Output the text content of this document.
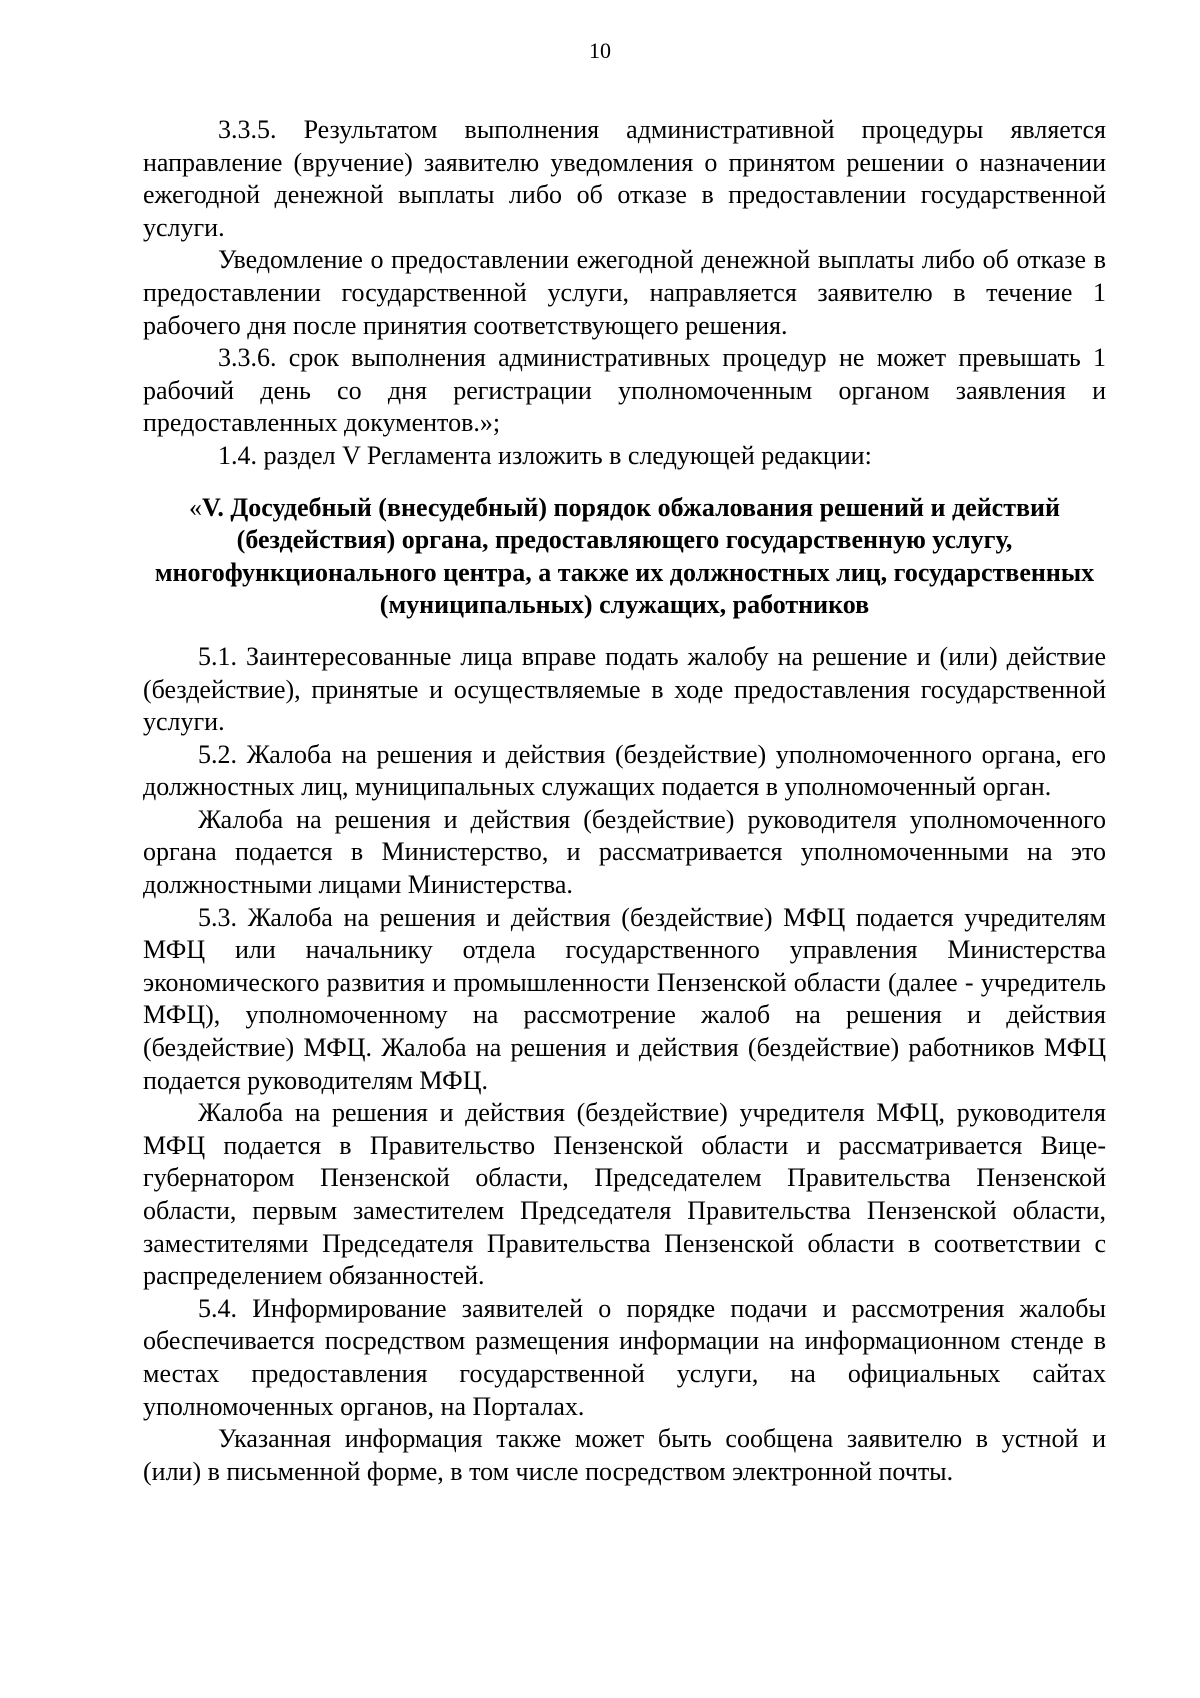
10

3.3.5. Результатом выполнения административной процедуры является направление (вручение) заявителю уведомления о принятом решении о назначении ежегодной денежной выплаты либо об отказе в предоставлении государственной услуги.

Уведомление о предоставлении ежегодной денежной выплаты либо об отказе в предоставлении государственной услуги, направляется заявителю в течение 1 рабочего дня после принятия соответствующего решения.

3.3.6. срок выполнения административных процедур не может превышать 1 рабочий день со дня регистрации уполномоченным органом заявления и предоставленных документов.»;

1.4. раздел V Регламента изложить в следующей редакции:

«V. Досудебный (внесудебный) порядок обжалования решений и действий (бездействия) органа, предоставляющего государственную услугу, многофункционального центра, а также их должностных лиц, государственных (муниципальных) служащих, работников

5.1. Заинтересованные лица вправе подать жалобу на решение и (или) действие (бездействие), принятые и осуществляемые в ходе предоставления государственной услуги.

5.2. Жалоба на решения и действия (бездействие) уполномоченного органа, его должностных лиц, муниципальных служащих подается в уполномоченный орган.

Жалоба на решения и действия (бездействие) руководителя уполномоченного органа подается в Министерство, и рассматривается уполномоченными на это должностными лицами Министерства.

5.3. Жалоба на решения и действия (бездействие) МФЦ подается учредителям МФЦ или начальнику отдела государственного управления Министерства экономического развития и промышленности Пензенской области (далее - учредитель МФЦ), уполномоченному на рассмотрение жалоб на решения и действия (бездействие) МФЦ. Жалоба на решения и действия (бездействие) работников МФЦ подается руководителям МФЦ.

Жалоба на решения и действия (бездействие) учредителя МФЦ, руководителя МФЦ подается в Правительство Пензенской области и рассматривается Вице-губернатором Пензенской области, Председателем Правительства Пензенской области, первым заместителем Председателя Правительства Пензенской области, заместителями Председателя Правительства Пензенской области в соответствии с распределением обязанностей.

5.4. Информирование заявителей о порядке подачи и рассмотрения жалобы обеспечивается посредством размещения информации на информационном стенде в местах предоставления государственной услуги, на официальных сайтах уполномоченных органов, на Порталах.

Указанная информация также может быть сообщена заявителю в устной и (или) в письменной форме, в том числе посредством электронной почты.
